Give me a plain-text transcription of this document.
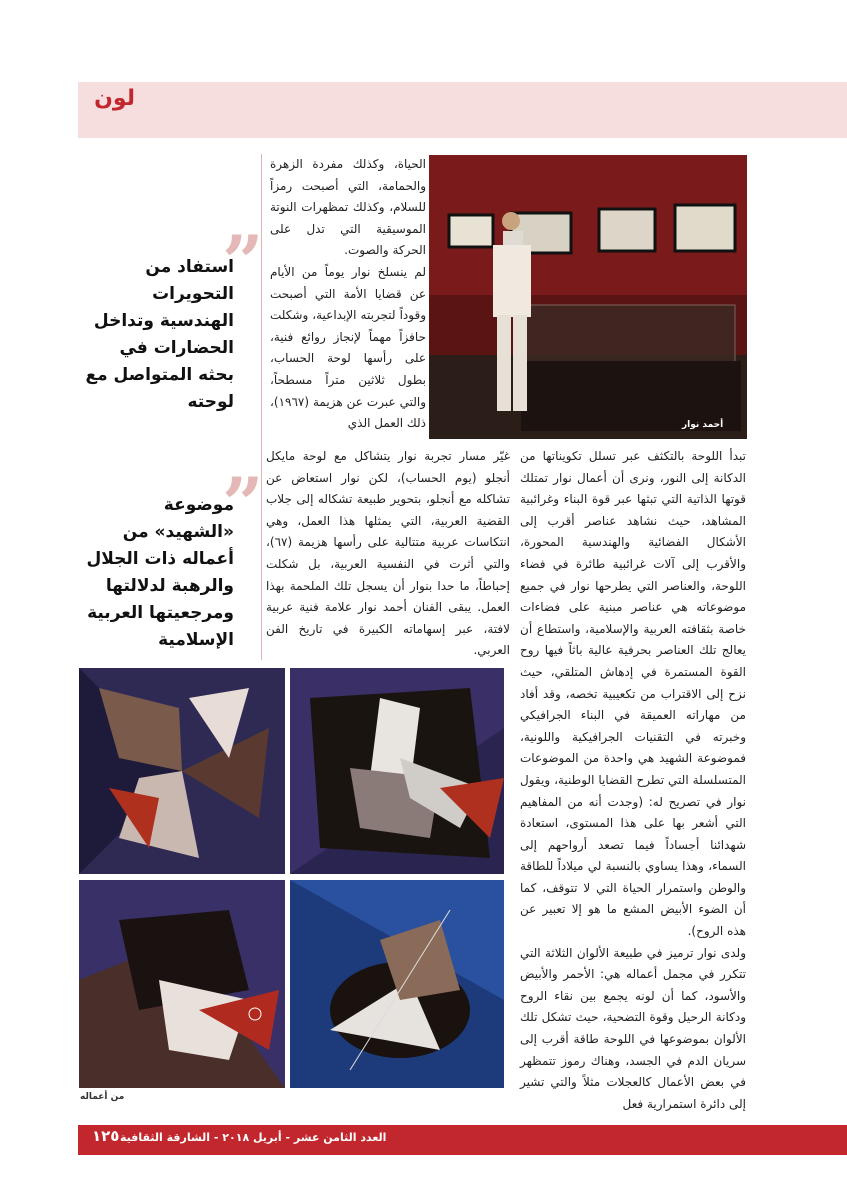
لون
”
استفاد من التحويرات الهندسية وتداخل الحضارات في بحثه المتواصل مع لوحته
”
موضوعة «الشهيد» من أعماله ذات الجلال والرهبة لدلالتها ومرجعيتها العربية الإسلامية

الحياة، وكذلك مفردة الزهرة والحمامة، التي أصبحت رمزاً للسلام، وكذلك تمظهرات النوتة الموسيقية التي تدل على الحركة والصوت.

لم ينسلخ نوار يوماً من الأيام عن قضايا الأمة التي أصبحت وقوداً لتجربته الإبداعية، وشكلت حافزاً مهماً لإنجاز روائع فنية، على رأسها لوحة الحساب، بطول ثلاثين متراً مسطحاً، والتي عبرت عن هزيمة (١٩٦٧)، ذلك العمل الذي

غيّر مسار تجربة نوار يتشاكل مع لوحة مايكل أنجلو (يوم الحساب)، لكن نوار استعاض عن تشاكله مع أنجلو، بتحوير طبيعة تشكاله إلى جلاب القضية العربية، التي يمثلها هذا العمل، وهي انتكاسات عربية متتالية على رأسها هزيمة (٦٧)، والتي أثرت في النفسية العربية، بل شكلت إحباطاً، ما حدا بنوار أن يسجل تلك الملحمة بهذا العمل. يبقى الفنان أحمد نوار علامة فنية عربية لافتة، عبر إسهاماته الكبيرة في تاريخ الفن العربي.

تبدأ اللوحة بالتكثف عبر تسلل تكويناتها من الدكانة إلى النور، ونرى أن أعمال نوار تمتلك قوتها الذاتية التي تبثها عبر قوة البناء وغرائبية المشاهد، حيث نشاهد عناصر أقرب إلى الأشكال الفضائية والهندسية المحورة، والأقرب إلى آلات غرائبية طائرة في فضاء اللوحة، والعناصر التي يطرحها نوار في جميع موضوعاته هي عناصر مبنية على فضاءات خاصة بثقافته العربية والإسلامية، واستطاع أن يعالج تلك العناصر بحرفية عالية باثاً فيها روح القوة المستمرة في إدهاش المتلقي، حيث نزح إلى الاقتراب من تكعيبية تخصه، وقد أفاد من مهاراته العميقة في البناء الجرافيكي وخبرته في التقنيات الجرافيكية واللونية، فموضوعة الشهيد هي واحدة من الموضوعات المتسلسلة التي تطرح القضايا الوطنية، ويقول نوار في تصريح له: (وجدت أنه من المفاهيم التي أشعر بها على هذا المستوى، استعادة شهدائنا أجساداً فيما تصعد أرواحهم إلى السماء، وهذا يساوي بالنسبة لي ميلاداً للطاقة والوطن واستمرار الحياة التي لا تتوقف، كما أن الضوء الأبيض المشع ما هو إلا تعبير عن هذه الروح).

ولدى نوار ترميز في طبيعة الألوان الثلاثة التي تتكرر في مجمل أعماله هي: الأحمر والأبيض والأسود، كما أن لونه يجمع بين نقاء الروح ودكانة الرحيل وقوة التضحية، حيث تشكل تلك الألوان بموضوعها في اللوحة طاقة أقرب إلى سريان الدم في الجسد، وهناك رموز تتمظهر في بعض الأعمال كالعجلات مثلاً والتي تشير إلى دائرة استمرارية فعل

أحمد نوار
من أعماله
العدد الثامن عشر - أبريل ٢٠١٨ - الشارقة الثقافية
١٢٥
